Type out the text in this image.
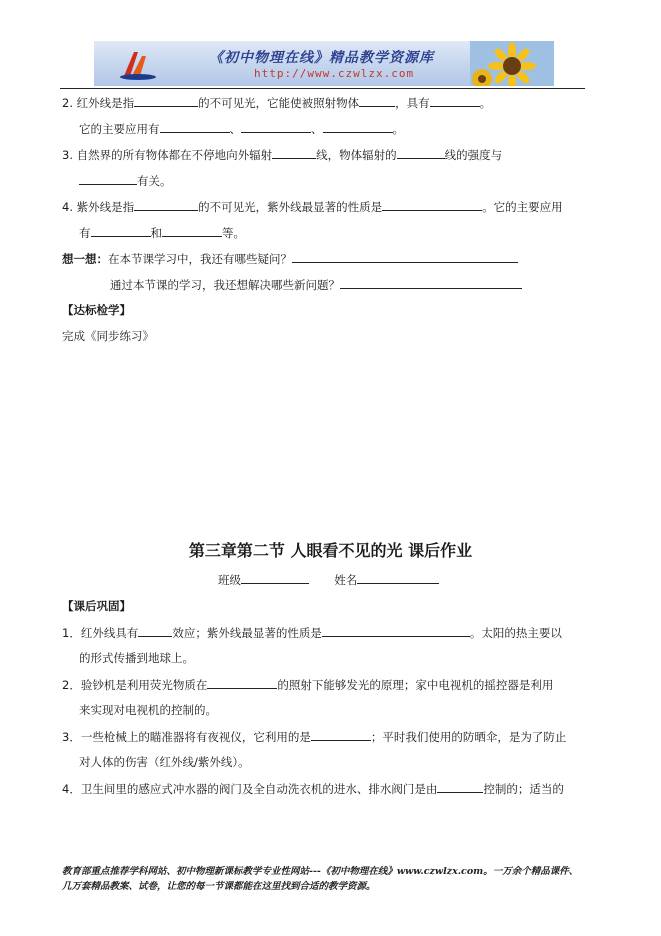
《初中物理在线》精品教学资源库
http://www.czwlzx.com
2. 红外线是指	的不可见光，它能使被照射物体	，具有	。
它的主要应用有	、	、	。
3. 自然界的所有物体都在不停地向外辐射	线，物体辐射的	线的强度与
有关。
4. 紫外线是指	的不可见光，紫外线最显著的性质是	。它的主要应用
有	和	等。
想一想：在本节课学习中，我还有哪些疑问？
通过本节课的学习，我还想解决哪些新问题？
【达标检学】
完成《同步练习》
第三章第二节 人眼看不见的光 课后作业
班级	姓名
【课后巩固】
1．红外线具有	效应；紫外线最显著的性质是	。太阳的热主要以
的形式传播到地球上。
2．验钞机是利用荧光物质在	的照射下能够发光的原理；家中电视机的摇控器是利用
来实现对电视机的控制的。
3．一些枪械上的瞄准器将有夜视仪，它利用的是	；平时我们使用的防晒伞，是为了防止
对人体的伤害（红外线/紫外线）。
4．卫生间里的感应式冲水器的阀门及全自动洗衣机的进水、排水阀门是由	控制的；适当的
教育部重点推荐学科网站、初中物理新课标教学专业性网站---《初中物理在线》www.czwlzx.com。一万余个精品课件、
几万套精品教案、试卷，让您的每一节课都能在这里找到合适的教学资源。
